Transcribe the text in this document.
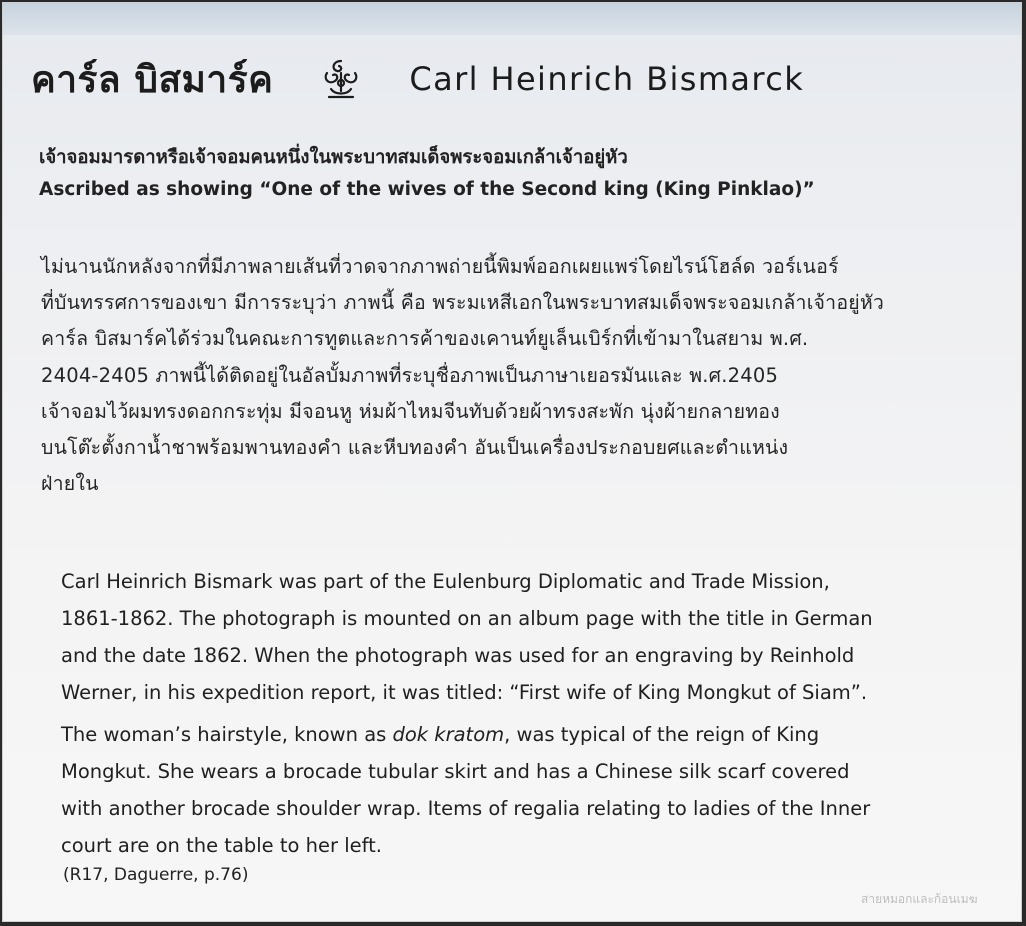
คาร์ล บิสมาร์ค	Carl Heinrich Bismarck
เจ้าจอมมารดาหรือเจ้าจอมคนหนึ่งในพระบาทสมเด็จพระจอมเกล้าเจ้าอยู่หัว
Ascribed as showing “One of the wives of the Second king (King Pinklao)”
ไม่นานนักหลังจากที่มีภาพลายเส้นที่วาดจากภาพถ่ายนี้พิมพ์ออกเผยแพร่โดยไรน์โฮล์ด วอร์เนอร์
ที่บันทรรศการของเขา มีการระบุว่า ภาพนี้ คือ พระมเหสีเอกในพระบาทสมเด็จพระจอมเกล้าเจ้าอยู่หัว
คาร์ล บิสมาร์คได้ร่วมในคณะการทูตและการค้าของเคานท์ยูเล็นเบิร์กที่เข้ามาในสยาม พ.ศ.
2404-2405 ภาพนี้ได้ติดอยู่ในอัลบั้มภาพที่ระบุชื่อภาพเป็นภาษาเยอรมันและ พ.ศ.2405
เจ้าจอมไว้ผมทรงดอกกระทุ่ม มีจอนหู ห่มผ้าไหมจีนทับด้วยผ้าทรงสะพัก นุ่งผ้ายกลายทอง
บนโต๊ะตั้งกาน้ำชาพร้อมพานทองคำ และหีบทองคำ อันเป็นเครื่องประกอบยศและตำแหน่ง
ฝ่ายใน
Carl Heinrich Bismark was part of the Eulenburg Diplomatic and Trade Mission,
1861-1862. The photograph is mounted on an album page with the title in German
and the date 1862. When the photograph was used for an engraving by Reinhold
Werner, in his expedition report, it was titled: “First wife of King Mongkut of Siam”.
The woman’s hairstyle, known as dok kratom, was typical of the reign of King
Mongkut. She wears a brocade tubular skirt and has a Chinese silk scarf covered
with another brocade shoulder wrap. Items of regalia relating to ladies of the Inner
court are on the table to her left.
(R17, Daguerre, p.76)
สายหมอกและก้อนเมฆ
